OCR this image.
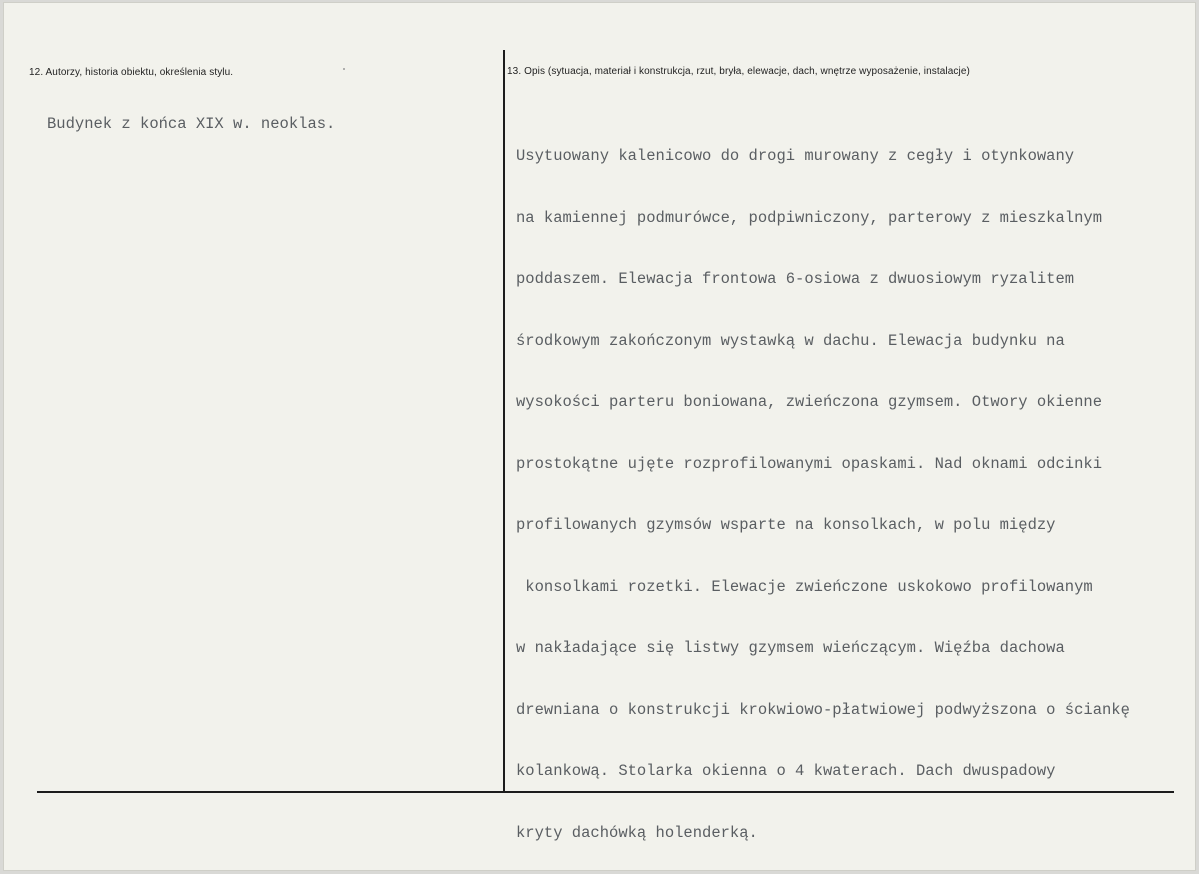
12. Autorzy, historia obiektu, określenia stylu.
Budynek z końca XIX w. neoklas.
13. Opis (sytuacja, materiał i konstrukcja, rzut, bryła, elewacje, dach, wnętrze wyposażenie, instalacje)

Usytuowany kalenicowo do drogi murowany z cegły i otynkowany

na kamiennej podmurówce, podpiwniczony, parterowy z mieszkalnym

poddaszem. Elewacja frontowa 6-osiowa z dwuosiowym ryzalitem

środkowym zakończonym wystawką w dachu. Elewacja budynku na

wysokości parteru boniowana, zwieńczona gzymsem. Otwory okienne

prostokątne ujęte rozprofilowanymi opaskami. Nad oknami odcinki

profilowanych gzymsów wsparte na konsolkach, w polu między

konsolkami rozetki. Elewacje zwieńczone uskokowo profilowanym

w nakładające się listwy gzymsem wieńczącym. Więźba dachowa

drewniana o konstrukcji krokwiowo-płatwiowej podwyższona o ściankę

kolankową. Stolarka okienna o 4 kwaterach. Dach dwuspadowy

kryty dachówką holenderką.
